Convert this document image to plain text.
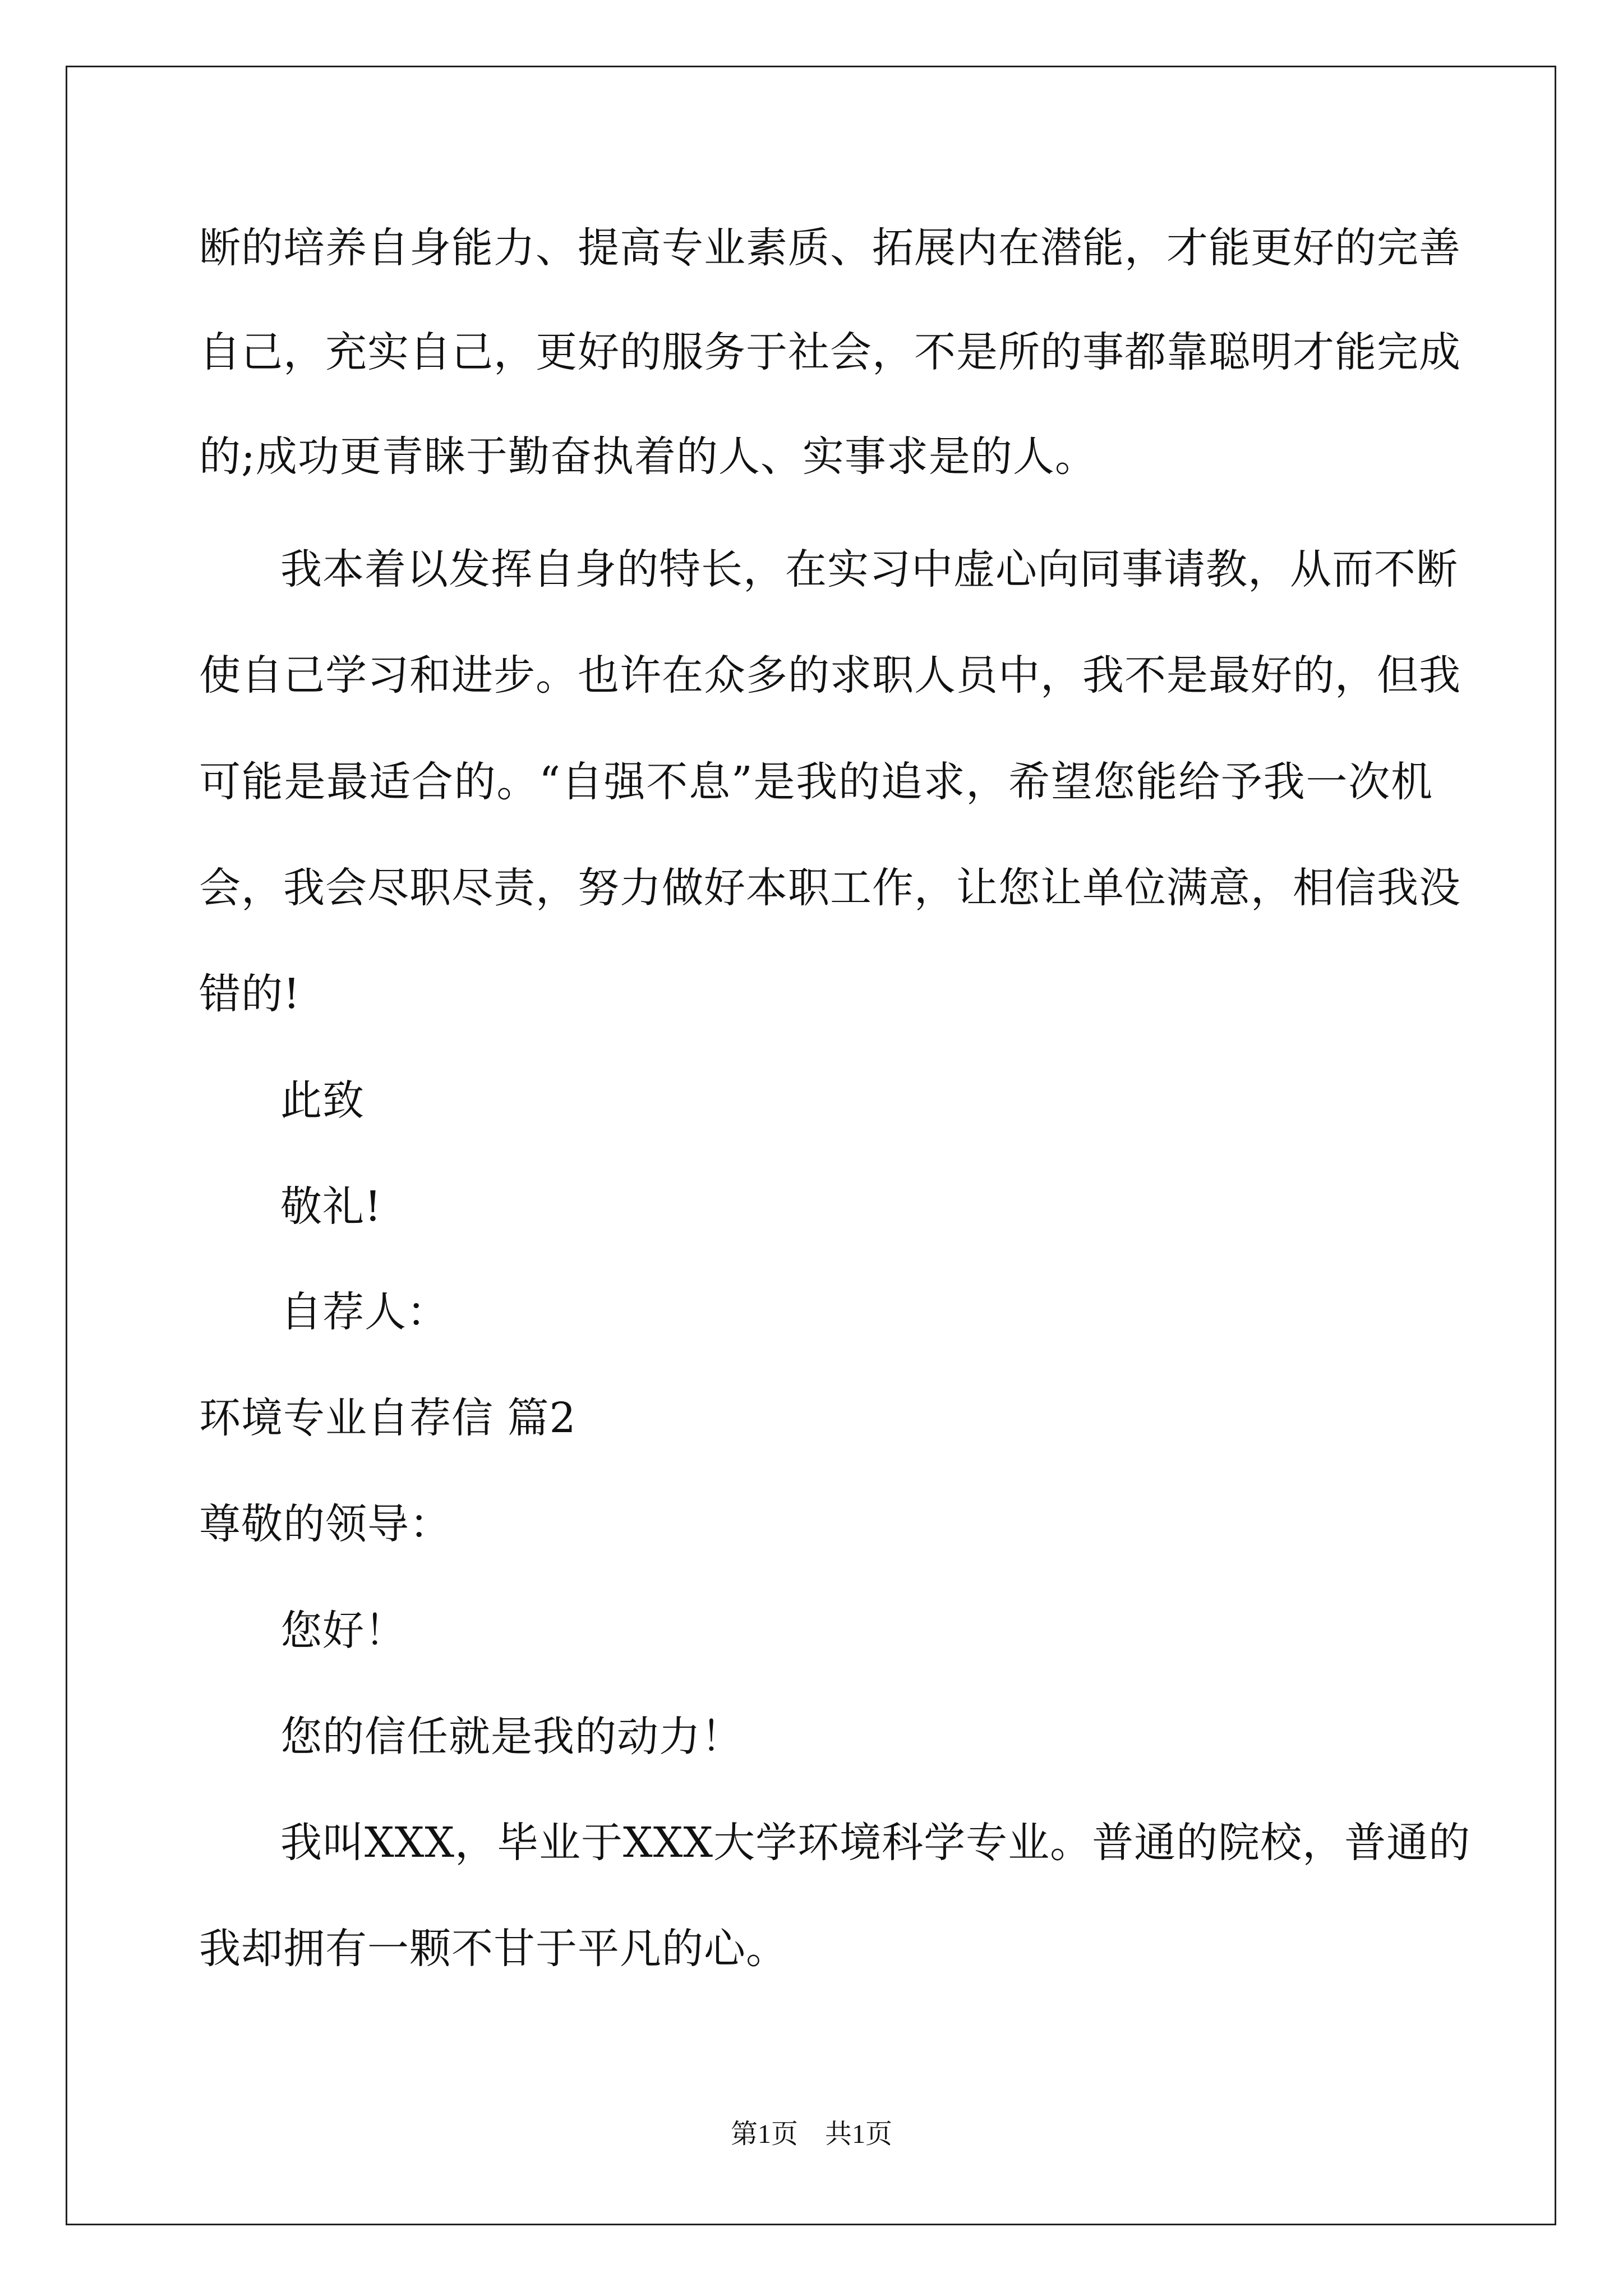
断的培养自身能力、提高专业素质、拓展内在潜能，才能更好的完善
自己，充实自己，更好的服务于社会，不是所的事都靠聪明才能完成
的;成功更青睐于勤奋执着的人、实事求是的人。
我本着以发挥自身的特长，在实习中虚心向同事请教，从而不断
使自己学习和进步。也许在众多的求职人员中，我不是最好的，但我
可能是最适合的。“自强不息”是我的追求，希望您能给予我一次机
会，我会尽职尽责，努力做好本职工作，让您让单位满意，相信我没
错的!
此致
敬礼!
自荐人：
环境专业自荐信 篇2
尊敬的领导：
您好！
您的信任就是我的动力！
我叫XXX，毕业于XXX大学环境科学专业。普通的院校，普通的
我却拥有一颗不甘于平凡的心。
第1页　共1页
